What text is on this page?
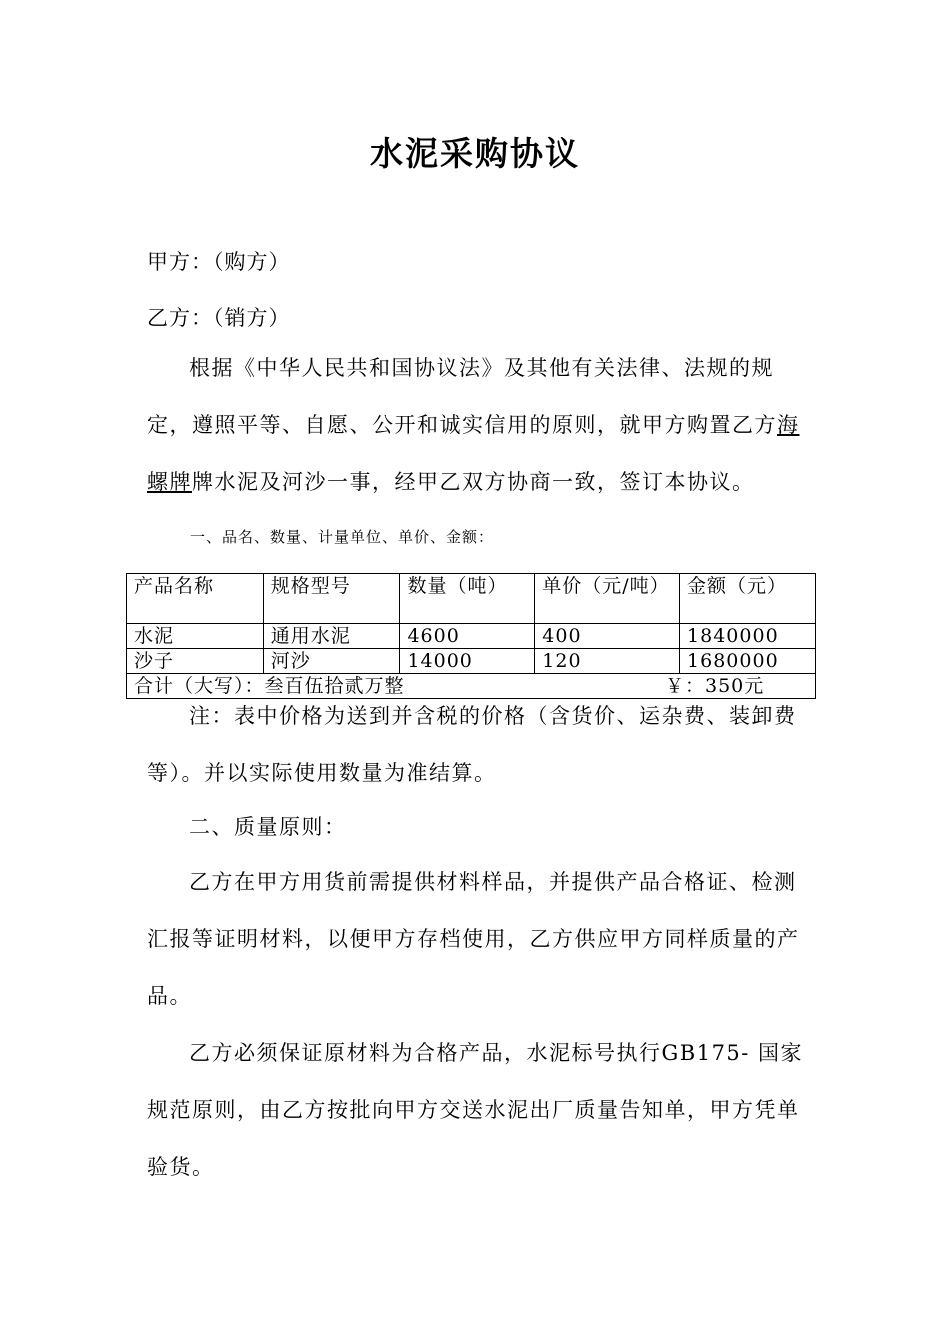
水泥采购协议
甲方：（购方）
乙方：（销方）
根据《中华人民共和国协议法》及其他有关法律、法规的规定，遵照平等、自愿、公开和诚实信用的原则，就甲方购置乙方海螺牌牌水泥及河沙一事，经甲乙双方协商一致，签订本协议。
一、品名、数量、计量单位、单价、金额：
产品名称	规格型号	数量（吨）	单价（元/吨）	金额（元）
水泥	通用水泥	4600	400	1840000
沙子	河沙	14000	120	1680000
合计（大写）：叁百伍拾贰万整 ￥：350元				
注：表中价格为送到并含税的价格（含货价、运杂费、装卸费等）。并以实际使用数量为准结算。
二、质量原则：
乙方在甲方用货前需提供材料样品，并提供产品合格证、检测汇报等证明材料，以便甲方存档使用，乙方供应甲方同样质量的产品。
乙方必须保证原材料为合格产品，水泥标号执行GB175- 国家规范原则，由乙方按批向甲方交送水泥出厂质量告知单，甲方凭单验货。
